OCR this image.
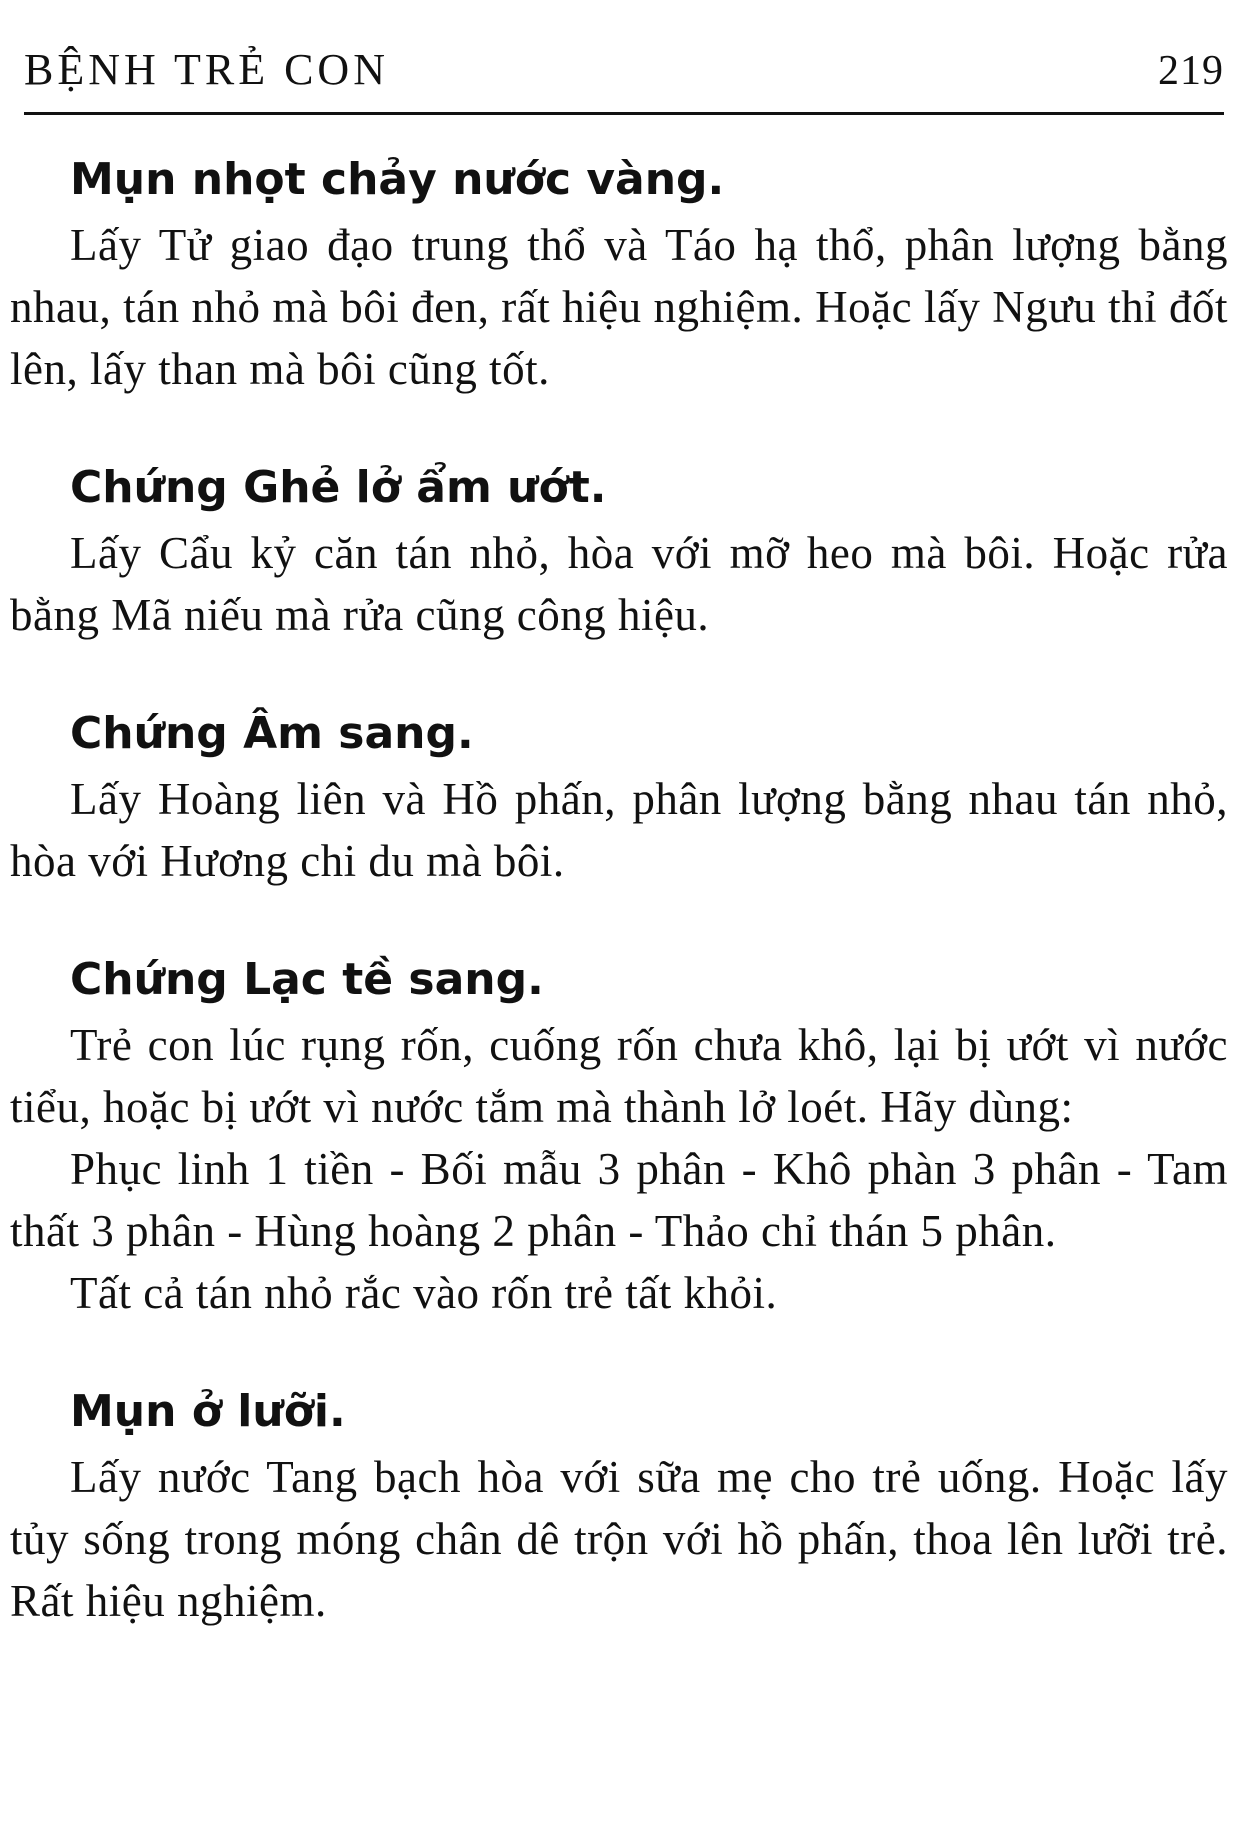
BỆNH TRẺ CON	219
Mụn nhọt chảy nước vàng.

Lấy Tử giao đạo trung thổ và Táo hạ thổ, phân lượng bằng nhau, tán nhỏ mà bôi đen, rất hiệu nghiệm. Hoặc lấy Ngưu thỉ đốt lên, lấy than mà bôi cũng tốt.

Chứng Ghẻ lở ẩm ướt.

Lấy Cẩu kỷ căn tán nhỏ, hòa với mỡ heo mà bôi. Hoặc rửa bằng Mã niếu mà rửa cũng công hiệu.

Chứng Âm sang.

Lấy Hoàng liên và Hồ phấn, phân lượng bằng nhau tán nhỏ, hòa với Hương chi du mà bôi.

Chứng Lạc tề sang.

Trẻ con lúc rụng rốn, cuống rốn chưa khô, lại bị ướt vì nước tiểu, hoặc bị ướt vì nước tắm mà thành lở loét. Hãy dùng:

Phục linh 1 tiền - Bối mẫu 3 phân - Khô phàn 3 phân - Tam thất 3 phân - Hùng hoàng 2 phân - Thảo chỉ thán 5 phân.

Tất cả tán nhỏ rắc vào rốn trẻ tất khỏi.

Mụn ở lưỡi.

Lấy nước Tang bạch hòa với sữa mẹ cho trẻ uống. Hoặc lấy tủy sống trong móng chân dê trộn với hồ phấn, thoa lên lưỡi trẻ. Rất hiệu nghiệm.
